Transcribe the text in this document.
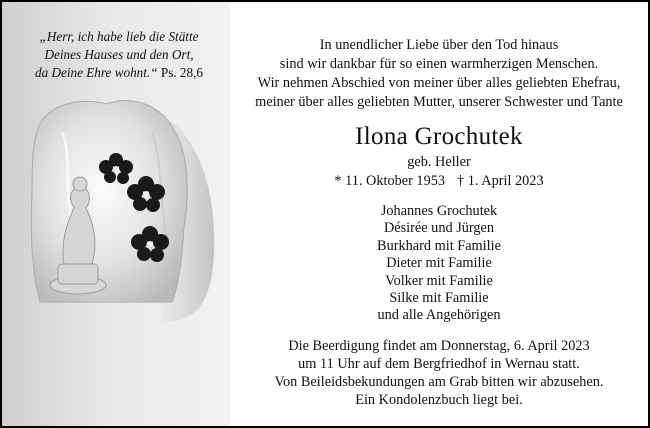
„Herr, ich habe lieb die Stätte
Deines Hauses und den Ort,
da Deine Ehre wohnt.“ Ps. 28,6
In unendlicher Liebe über den Tod hinaus
sind wir dankbar für so einen warmherzigen Menschen.
Wir nehmen Abschied von meiner über alles geliebten Ehefrau,
meiner über alles geliebten Mutter, unserer Schwester und Tante
Ilona Grochutek
geb. Heller
* 11. Oktober 1953 † 1. April 2023
Johannes Grochutek
Désirée und Jürgen
Burkhard mit Familie
Dieter mit Familie
Volker mit Familie
Silke mit Familie
und alle Angehörigen
Die Beerdigung findet am Donnerstag, 6. April 2023
um 11 Uhr auf dem Bergfriedhof in Wernau statt.
Von Beileidsbekundungen am Grab bitten wir abzusehen.
Ein Kondolenzbuch liegt bei.
